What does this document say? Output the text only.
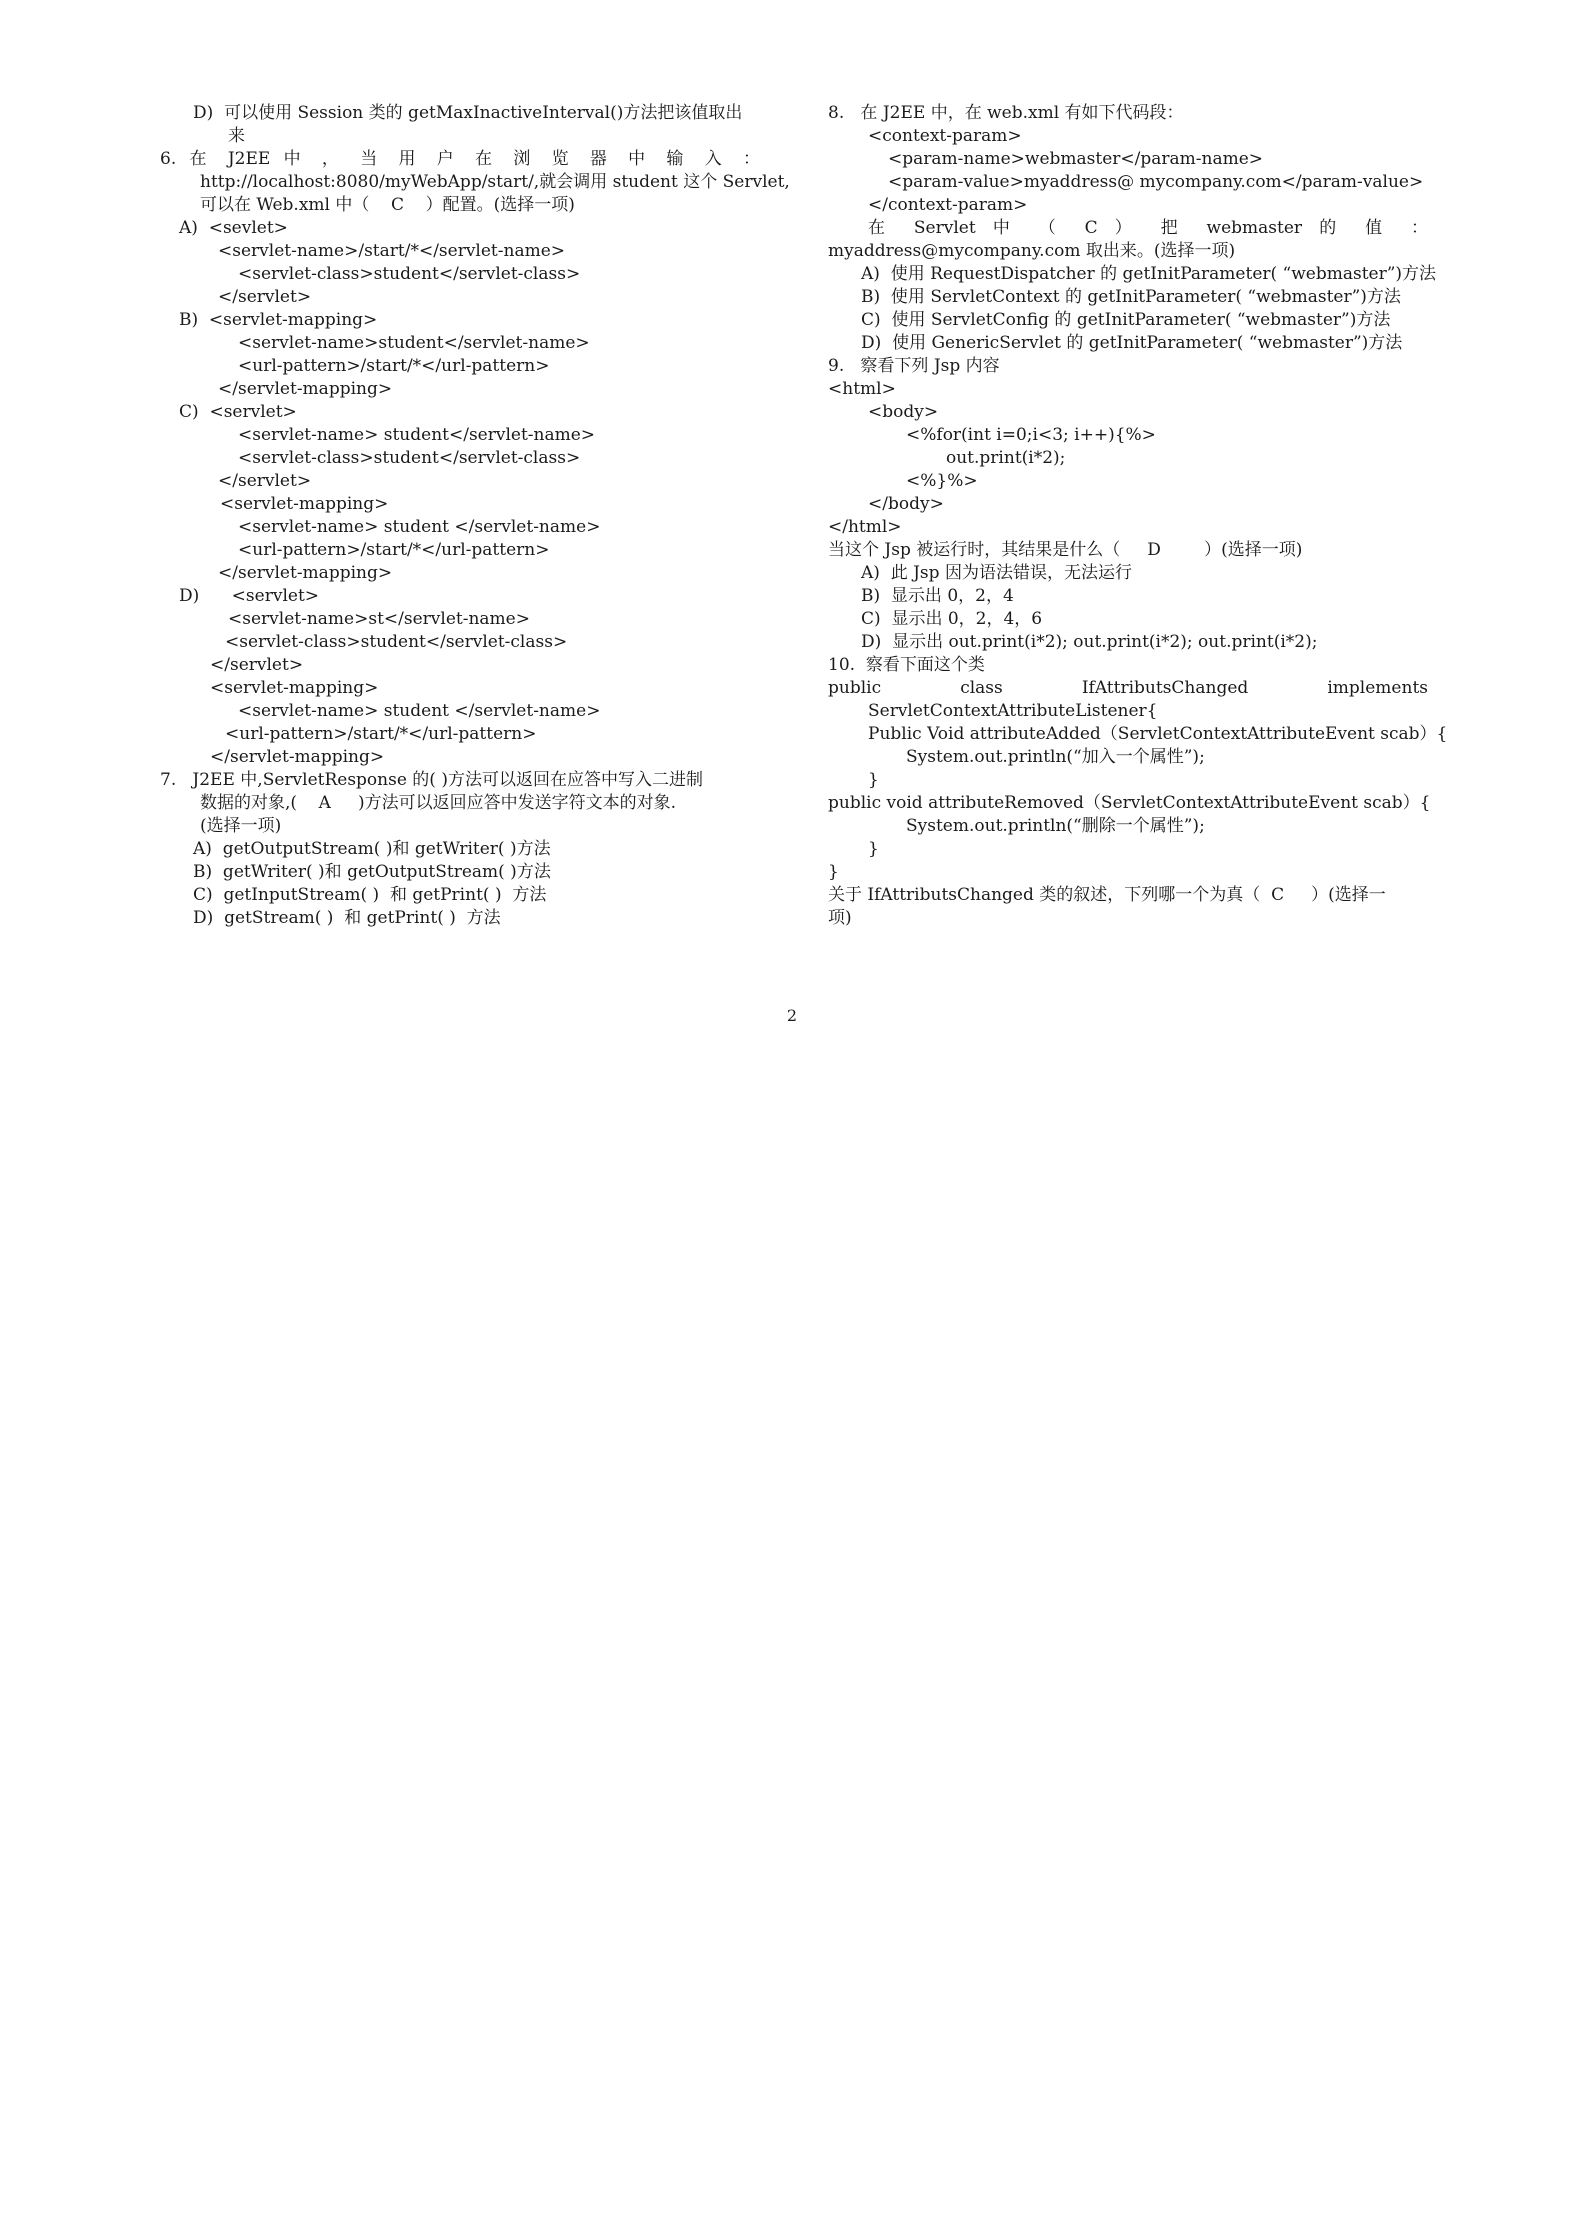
D)  可以使用 Session 类的 getMaxInactiveInterval()方法把该值取出
来
6. 在 J2EE 中 ， 当 用 户 在 浏 览 器 中 输 入 ：
http://localhost:8080/myWebApp/start/,就会调用 student 这个 Servlet,
可以在 Web.xml 中（    C    ）配置。(选择一项)
A)  <sevlet>
<servlet-name>/start/*</servlet-name>
<servlet-class>student</servlet-class>
</servlet>
B)  <servlet-mapping>
<servlet-name>student</servlet-name>
<url-pattern>/start/*</url-pattern>
</servlet-mapping>
C)  <servlet>
<servlet-name> student</servlet-name>
<servlet-class>student</servlet-class>
</servlet>
<servlet-mapping>
<servlet-name> student </servlet-name>
<url-pattern>/start/*</url-pattern>
</servlet-mapping>
D)      <servlet>
<servlet-name>st</servlet-name>
<servlet-class>student</servlet-class>
</servlet>
<servlet-mapping>
<servlet-name> student </servlet-name>
<url-pattern>/start/*</url-pattern>
</servlet-mapping>
7.   J2EE 中,ServletResponse 的( )方法可以返回在应答中写入二进制
数据的对象,(    A     )方法可以返回应答中发送字符文本的对象.
(选择一项)
A)  getOutputStream( )和 getWriter( )方法
B)  getWriter( )和 getOutputStream( )方法
C)  getInputStream( )  和 getPrint( )  方法
D)  getStream( )  和 getPrint( )  方法
8.   在 J2EE 中，在 web.xml 有如下代码段：
<context-param>
<param-name>webmaster</param-name>
<param-value>myaddress@ mycompany.com</param-value>
</context-param>
在 Servlet 中 （ C ） 把 webmaster 的 值 ：
myaddress@mycompany.com 取出来。(选择一项)
A)  使用 RequestDispatcher 的 getInitParameter( “webmaster”)方法
B)  使用 ServletContext 的 getInitParameter( “webmaster”)方法
C)  使用 ServletConfig 的 getInitParameter( “webmaster”)方法
D)  使用 GenericServlet 的 getInitParameter( “webmaster”)方法
9.   察看下列 Jsp 内容
<html>
<body>
<%for(int i=0;i<3; i++){%>
out.print(i*2);
<%}%>
</body>
</html>
当这个 Jsp 被运行时，其结果是什么（     D        ）(选择一项)
A)  此 Jsp 因为语法错误，无法运行
B)  显示出 0，2，4
C)  显示出 0，2，4，6
D)  显示出 out.print(i*2); out.print(i*2); out.print(i*2);
10.  察看下面这个类
public class IfAttributsChanged implements
ServletContextAttributeListener{
Public Void attributeAdded（ServletContextAttributeEvent scab）{
System.out.println(“加入一个属性”);
}
public void attributeRemoved（ServletContextAttributeEvent scab）{
System.out.println(“删除一个属性”);
}
}
关于 IfAttributsChanged 类的叙述，下列哪一个为真（  C     ）(选择一
项)
2
